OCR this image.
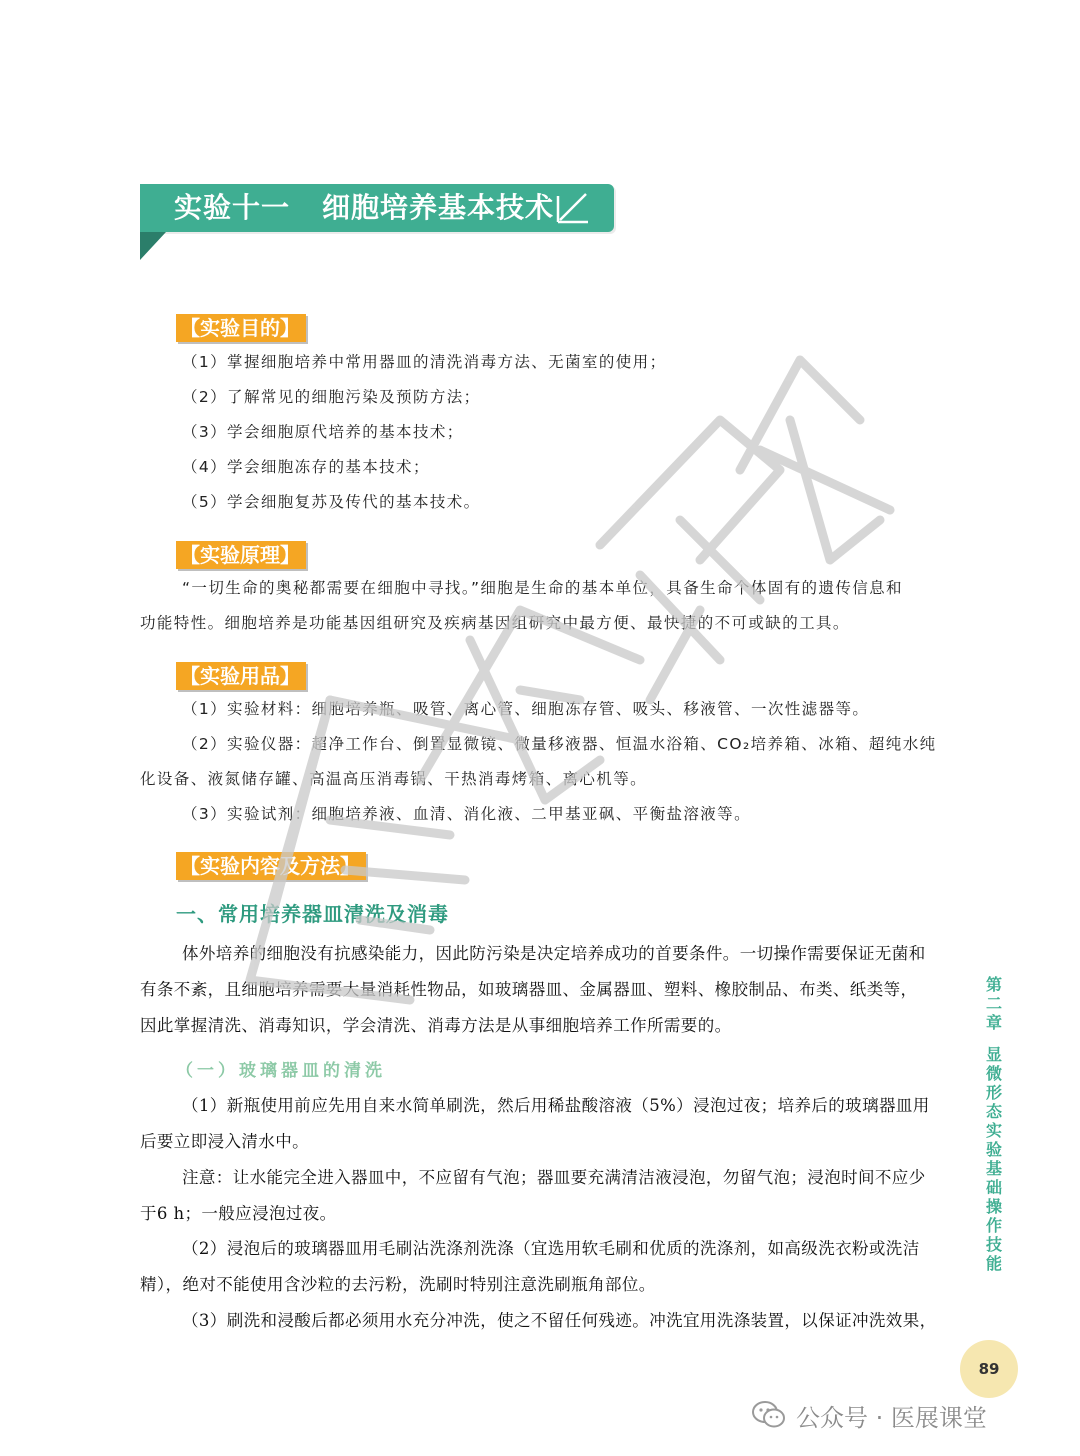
实验十一 细胞培养基本技术
【实验目的】
（1）掌握细胞培养中常用器皿的清洗消毒方法、无菌室的使用；
（2）了解常见的细胞污染及预防方法；
（3）学会细胞原代培养的基本技术；
（4）学会细胞冻存的基本技术；
（5）学会细胞复苏及传代的基本技术。
【实验原理】
“一切生命的奥秘都需要在细胞中寻找。”细胞是生命的基本单位，具备生命个体固有的遗传信息和
功能特性。细胞培养是功能基因组研究及疾病基因组研究中最方便、最快捷的不可或缺的工具。
【实验用品】
（1）实验材料：细胞培养瓶、吸管、离心管、细胞冻存管、吸头、移液管、一次性滤器等。
（2）实验仪器：超净工作台、倒置显微镜、微量移液器、恒温水浴箱、CO₂培养箱、冰箱、超纯水纯
化设备、液氮储存罐、高温高压消毒锅、干热消毒烤箱、离心机等。
（3）实验试剂：细胞培养液、血清、消化液、二甲基亚砜、平衡盐溶液等。
【实验内容及方法】
一、常用培养器皿清洗及消毒
体外培养的细胞没有抗感染能力，因此防污染是决定培养成功的首要条件。一切操作需要保证无菌和
有条不紊，且细胞培养需要大量消耗性物品，如玻璃器皿、金属器皿、塑料、橡胶制品、布类、纸类等，
因此掌握清洗、消毒知识，学会清洗、消毒方法是从事细胞培养工作所需要的。
（一）玻璃器皿的清洗
（1）新瓶使用前应先用自来水简单刷洗，然后用稀盐酸溶液（5%）浸泡过夜；培养后的玻璃器皿用
后要立即浸入清水中。
注意：让水能完全进入器皿中，不应留有气泡；器皿要充满清洁液浸泡，勿留气泡；浸泡时间不应少
于6 h；一般应浸泡过夜。
（2）浸泡后的玻璃器皿用毛刷沾洗涤剂洗涤（宜选用软毛刷和优质的洗涤剂，如高级洗衣粉或洗洁
精），绝对不能使用含沙粒的去污粉，洗刷时特别注意洗刷瓶角部位。
（3）刷洗和浸酸后都必须用水充分冲洗，使之不留任何残迹。冲洗宜用洗涤装置，以保证冲洗效果，
第二章
显微形态实验基础操作技能
89
公众号 · 医展课堂
